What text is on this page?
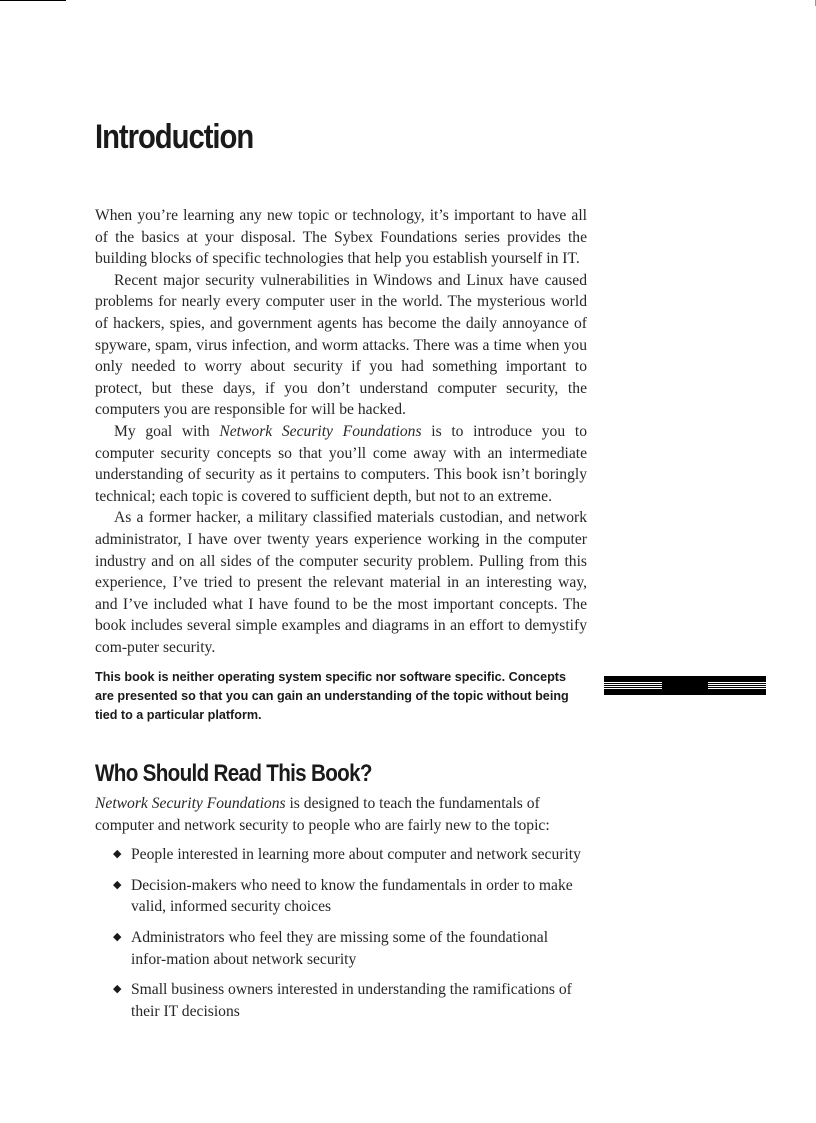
Introduction

When you’re learning any new topic or technology, it’s important to have all of the basics at your disposal. The Sybex Foundations series provides the building blocks of specific technologies that help you establish yourself in IT.

Recent major security vulnerabilities in Windows and Linux have caused problems for nearly every computer user in the world. The mysterious world of hackers, spies, and government agents has become the daily annoyance of spyware, spam, virus infection, and worm attacks. There was a time when you only needed to worry about security if you had something important to protect, but these days, if you don’t understand computer security, the computers you are responsible for will be hacked.

My goal with Network Security Foundations is to introduce you to computer security concepts so that you’ll come away with an intermediate understanding of security as it pertains to computers. This book isn’t boringly technical; each topic is covered to sufficient depth, but not to an extreme.

As a former hacker, a military classified materials custodian, and network administrator, I have over twenty years experience working in the computer industry and on all sides of the computer security problem. Pulling from this experience, I’ve tried to present the relevant material in an interesting way, and I’ve included what I have found to be the most important concepts. The book includes several simple examples and diagrams in an effort to demystify com-puter security.

This book is neither operating system specific nor software specific. Concepts are presented so that you can gain an understanding of the topic without being tied to a particular platform.

Who Should Read This Book?

Network Security Foundations is designed to teach the fundamentals of computer and network security to people who are fairly new to the topic:

◆ People interested in learning more about computer and network security
◆ Decision-makers who need to know the fundamentals in order to make valid, informed security choices
◆ Administrators who feel they are missing some of the foundational infor-mation about network security
◆ Small business owners interested in understanding the ramifications of their IT decisions
